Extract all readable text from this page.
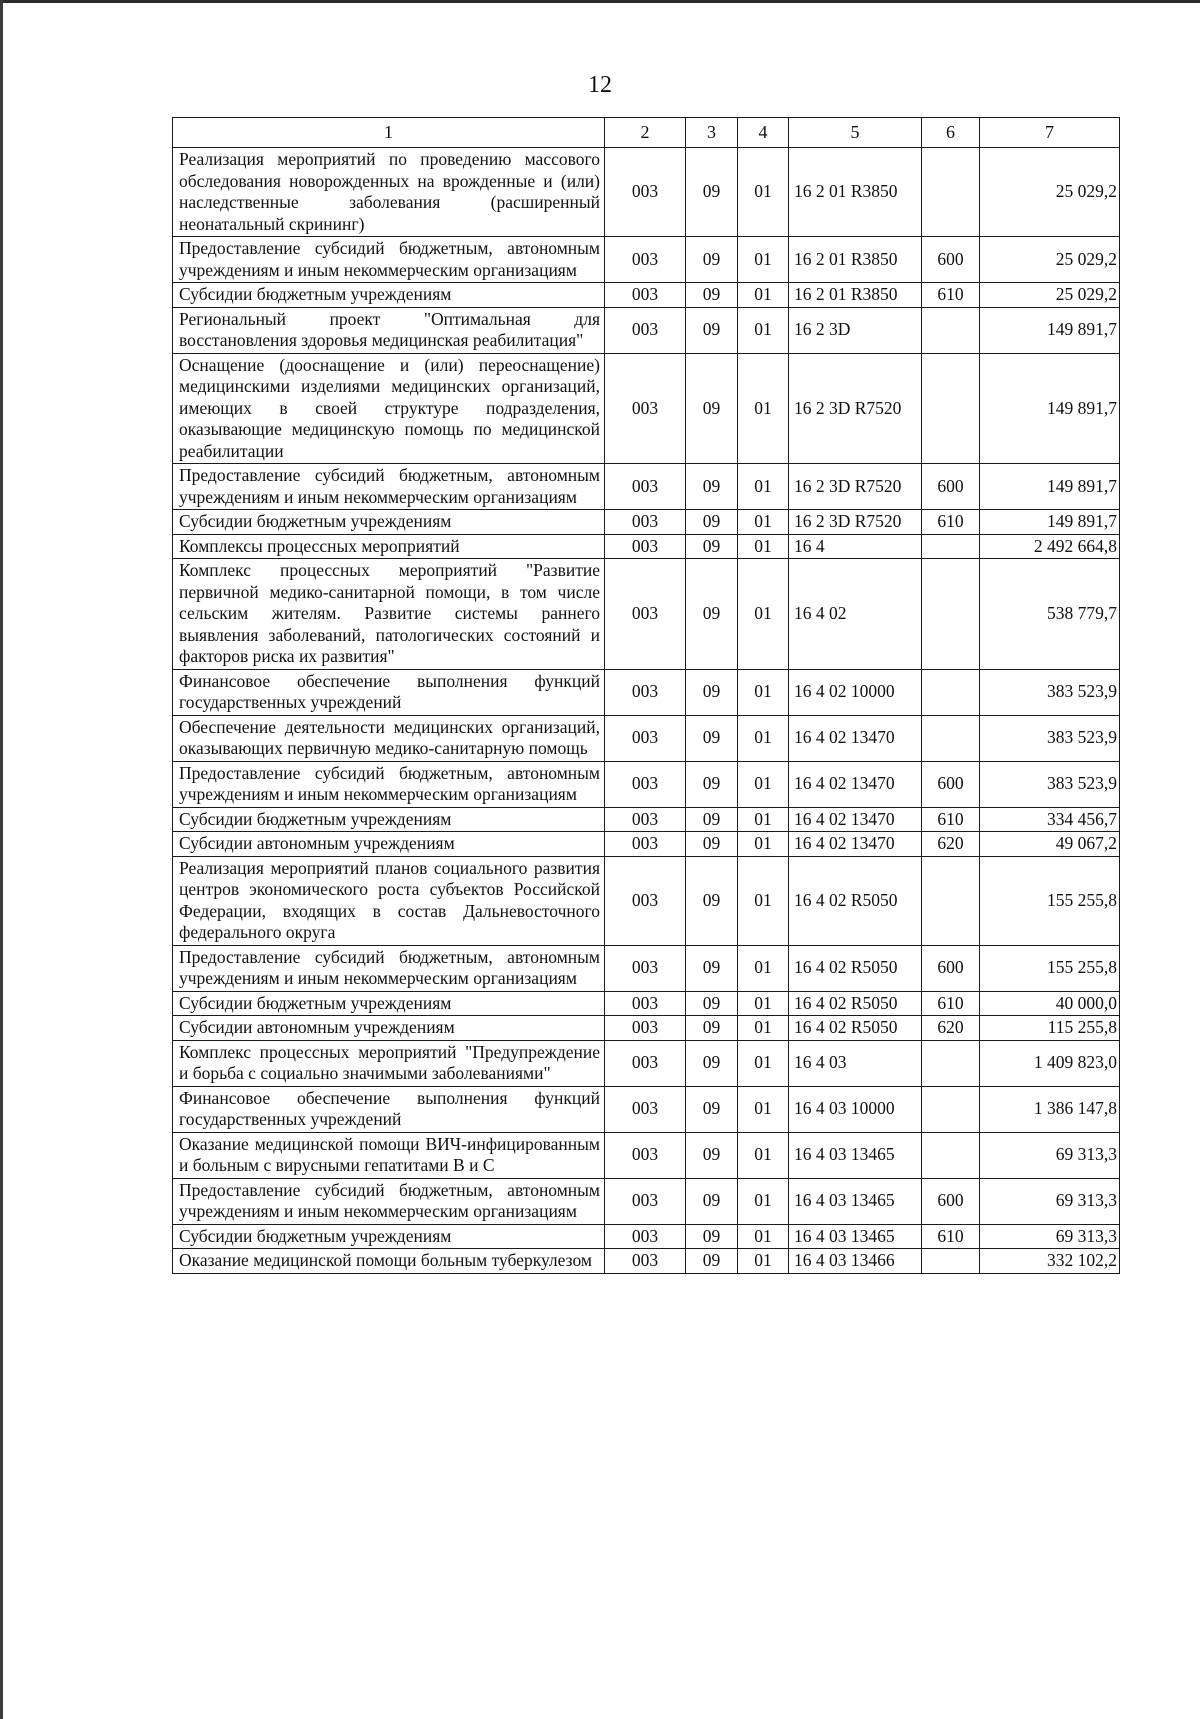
12
1	2	3	4	5	6	7
Реализация мероприятий по проведению массового обследования новорожденных на врожденные и (или) наследственные заболевания (расширенный неонатальный скрининг)	003	09	01	16 2 01 R3850		25 029,2
Предоставление субсидий бюджетным, автономным учреждениям и иным некоммерческим организациям	003	09	01	16 2 01 R3850	600	25 029,2
Субсидии бюджетным учреждениям	003	09	01	16 2 01 R3850	610	25 029,2
Региональный проект "Оптимальная для восстановления здоровья медицинская реабилитация"	003	09	01	16 2 3D		149 891,7
Оснащение (дооснащение и (или) переоснащение) медицинскими изделиями медицинских организаций, имеющих в своей структуре подразделения, оказывающие медицинскую помощь по медицинской реабилитации	003	09	01	16 2 3D R7520		149 891,7
Предоставление субсидий бюджетным, автономным учреждениям и иным некоммерческим организациям	003	09	01	16 2 3D R7520	600	149 891,7
Субсидии бюджетным учреждениям	003	09	01	16 2 3D R7520	610	149 891,7
Комплексы процессных мероприятий	003	09	01	16 4		2 492 664,8
Комплекс процессных мероприятий "Развитие первичной медико-санитарной помощи, в том числе сельским жителям. Развитие системы раннего выявления заболеваний, патологических состояний и факторов риска их развития"	003	09	01	16 4 02		538 779,7
Финансовое обеспечение выполнения функций государственных учреждений	003	09	01	16 4 02 10000		383 523,9
Обеспечение деятельности медицинских организаций, оказывающих первичную медико-санитарную помощь	003	09	01	16 4 02 13470		383 523,9
Предоставление субсидий бюджетным, автономным учреждениям и иным некоммерческим организациям	003	09	01	16 4 02 13470	600	383 523,9
Субсидии бюджетным учреждениям	003	09	01	16 4 02 13470	610	334 456,7
Субсидии автономным учреждениям	003	09	01	16 4 02 13470	620	49 067,2
Реализация мероприятий планов социального развития центров экономического роста субъектов Российской Федерации, входящих в состав Дальневосточного федерального округа	003	09	01	16 4 02 R5050		155 255,8
Предоставление субсидий бюджетным, автономным учреждениям и иным некоммерческим организациям	003	09	01	16 4 02 R5050	600	155 255,8
Субсидии бюджетным учреждениям	003	09	01	16 4 02 R5050	610	40 000,0
Субсидии автономным учреждениям	003	09	01	16 4 02 R5050	620	115 255,8
Комплекс процессных мероприятий "Предупреждение и борьба с социально значимыми заболеваниями"	003	09	01	16 4 03		1 409 823,0
Финансовое обеспечение выполнения функций государственных учреждений	003	09	01	16 4 03 10000		1 386 147,8
Оказание медицинской помощи ВИЧ-инфицированным и больным с вирусными гепатитами В и С	003	09	01	16 4 03 13465		69 313,3
Предоставление субсидий бюджетным, автономным учреждениям и иным некоммерческим организациям	003	09	01	16 4 03 13465	600	69 313,3
Субсидии бюджетным учреждениям	003	09	01	16 4 03 13465	610	69 313,3
Оказание медицинской помощи больным туберкулезом	003	09	01	16 4 03 13466		332 102,2
